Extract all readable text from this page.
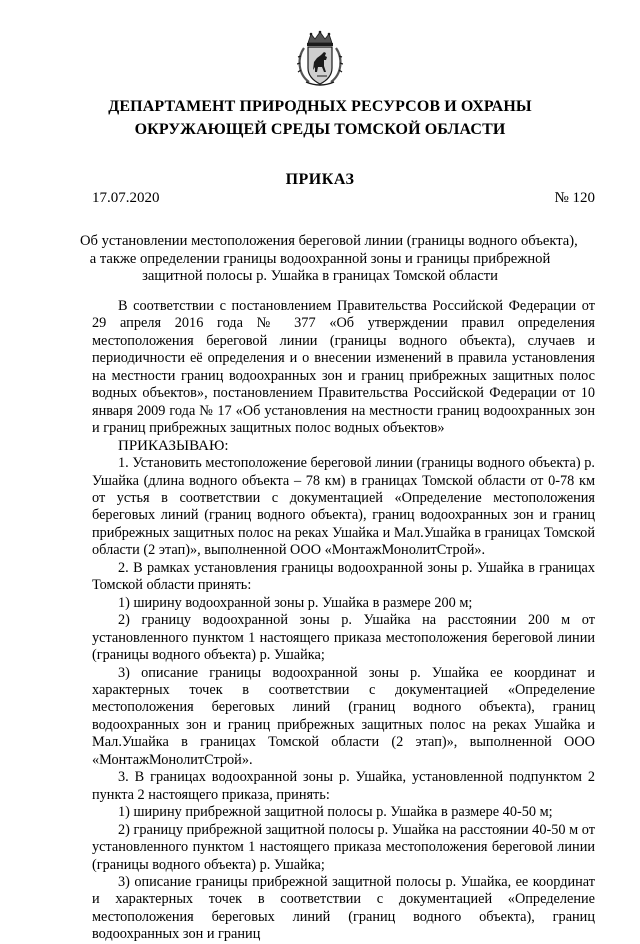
ДЕПАРТАМЕНТ ПРИРОДНЫХ РЕСУРСОВ И ОХРАНЫ
ОКРУЖАЮЩЕЙ СРЕДЫ ТОМСКОЙ ОБЛАСТИ
ПРИКАЗ
17.07.2020	№ 120
Об установлении местоположения береговой линии (границы водного объекта),
а также определении границы водоохранной зоны и границы прибрежной
защитной полосы р. Ушайка в границах Томской области

В соответствии с постановлением Правительства Российской Федерации от 29 апреля 2016 года № 377 «Об утверждении правил определения местоположения береговой линии (границы водного объекта), случаев и периодичности её определения и о внесении изменений в правила установления на местности границ водоохранных зон и границ прибрежных защитных полос водных объектов», постановлением Правительства Российской Федерации от 10 января 2009 года № 17 «Об установления на местности границ водоохранных зон и границ прибрежных защитных полос водных объектов»

ПРИКАЗЫВАЮ:

1. Установить местоположение береговой линии (границы водного объекта) р. Ушайка (длина водного объекта – 78 км) в границах Томской области от 0-78 км от устья в соответствии с документацией «Определение местоположения береговых линий (границ водного объекта), границ водоохранных зон и границ прибрежных защитных полос на реках Ушайка и Мал.Ушайка в границах Томской области (2 этап)», выполненной ООО «МонтажМонолитСтрой».

2. В рамках установления границы водоохранной зоны р. Ушайка в границах Томской области принять:

1) ширину водоохранной зоны р. Ушайка в размере 200 м;

2) границу водоохранной зоны р. Ушайка на расстоянии 200 м от установленного пунктом 1 настоящего приказа местоположения береговой линии (границы водного объекта) р. Ушайка;

3) описание границы водоохранной зоны р. Ушайка ее координат и характерных точек в соответствии с документацией «Определение местоположения береговых линий (границ водного объекта), границ водоохранных зон и границ прибрежных защитных полос на реках Ушайка и Мал.Ушайка в границах Томской области (2 этап)», выполненной ООО «МонтажМонолитСтрой».

3. В границах водоохранной зоны р. Ушайка, установленной подпунктом 2 пункта 2 настоящего приказа, принять:

1) ширину прибрежной защитной полосы р. Ушайка в размере 40-50 м;

2) границу прибрежной защитной полосы р. Ушайка на расстоянии 40-50 м от установленного пунктом 1 настоящего приказа местоположения береговой линии (границы водного объекта) р. Ушайка;

3) описание границы прибрежной защитной полосы р. Ушайка, ее координат и характерных точек в соответствии с документацией «Определение местоположения береговых линий (границ водного объекта), границ водоохранных зон и границ
